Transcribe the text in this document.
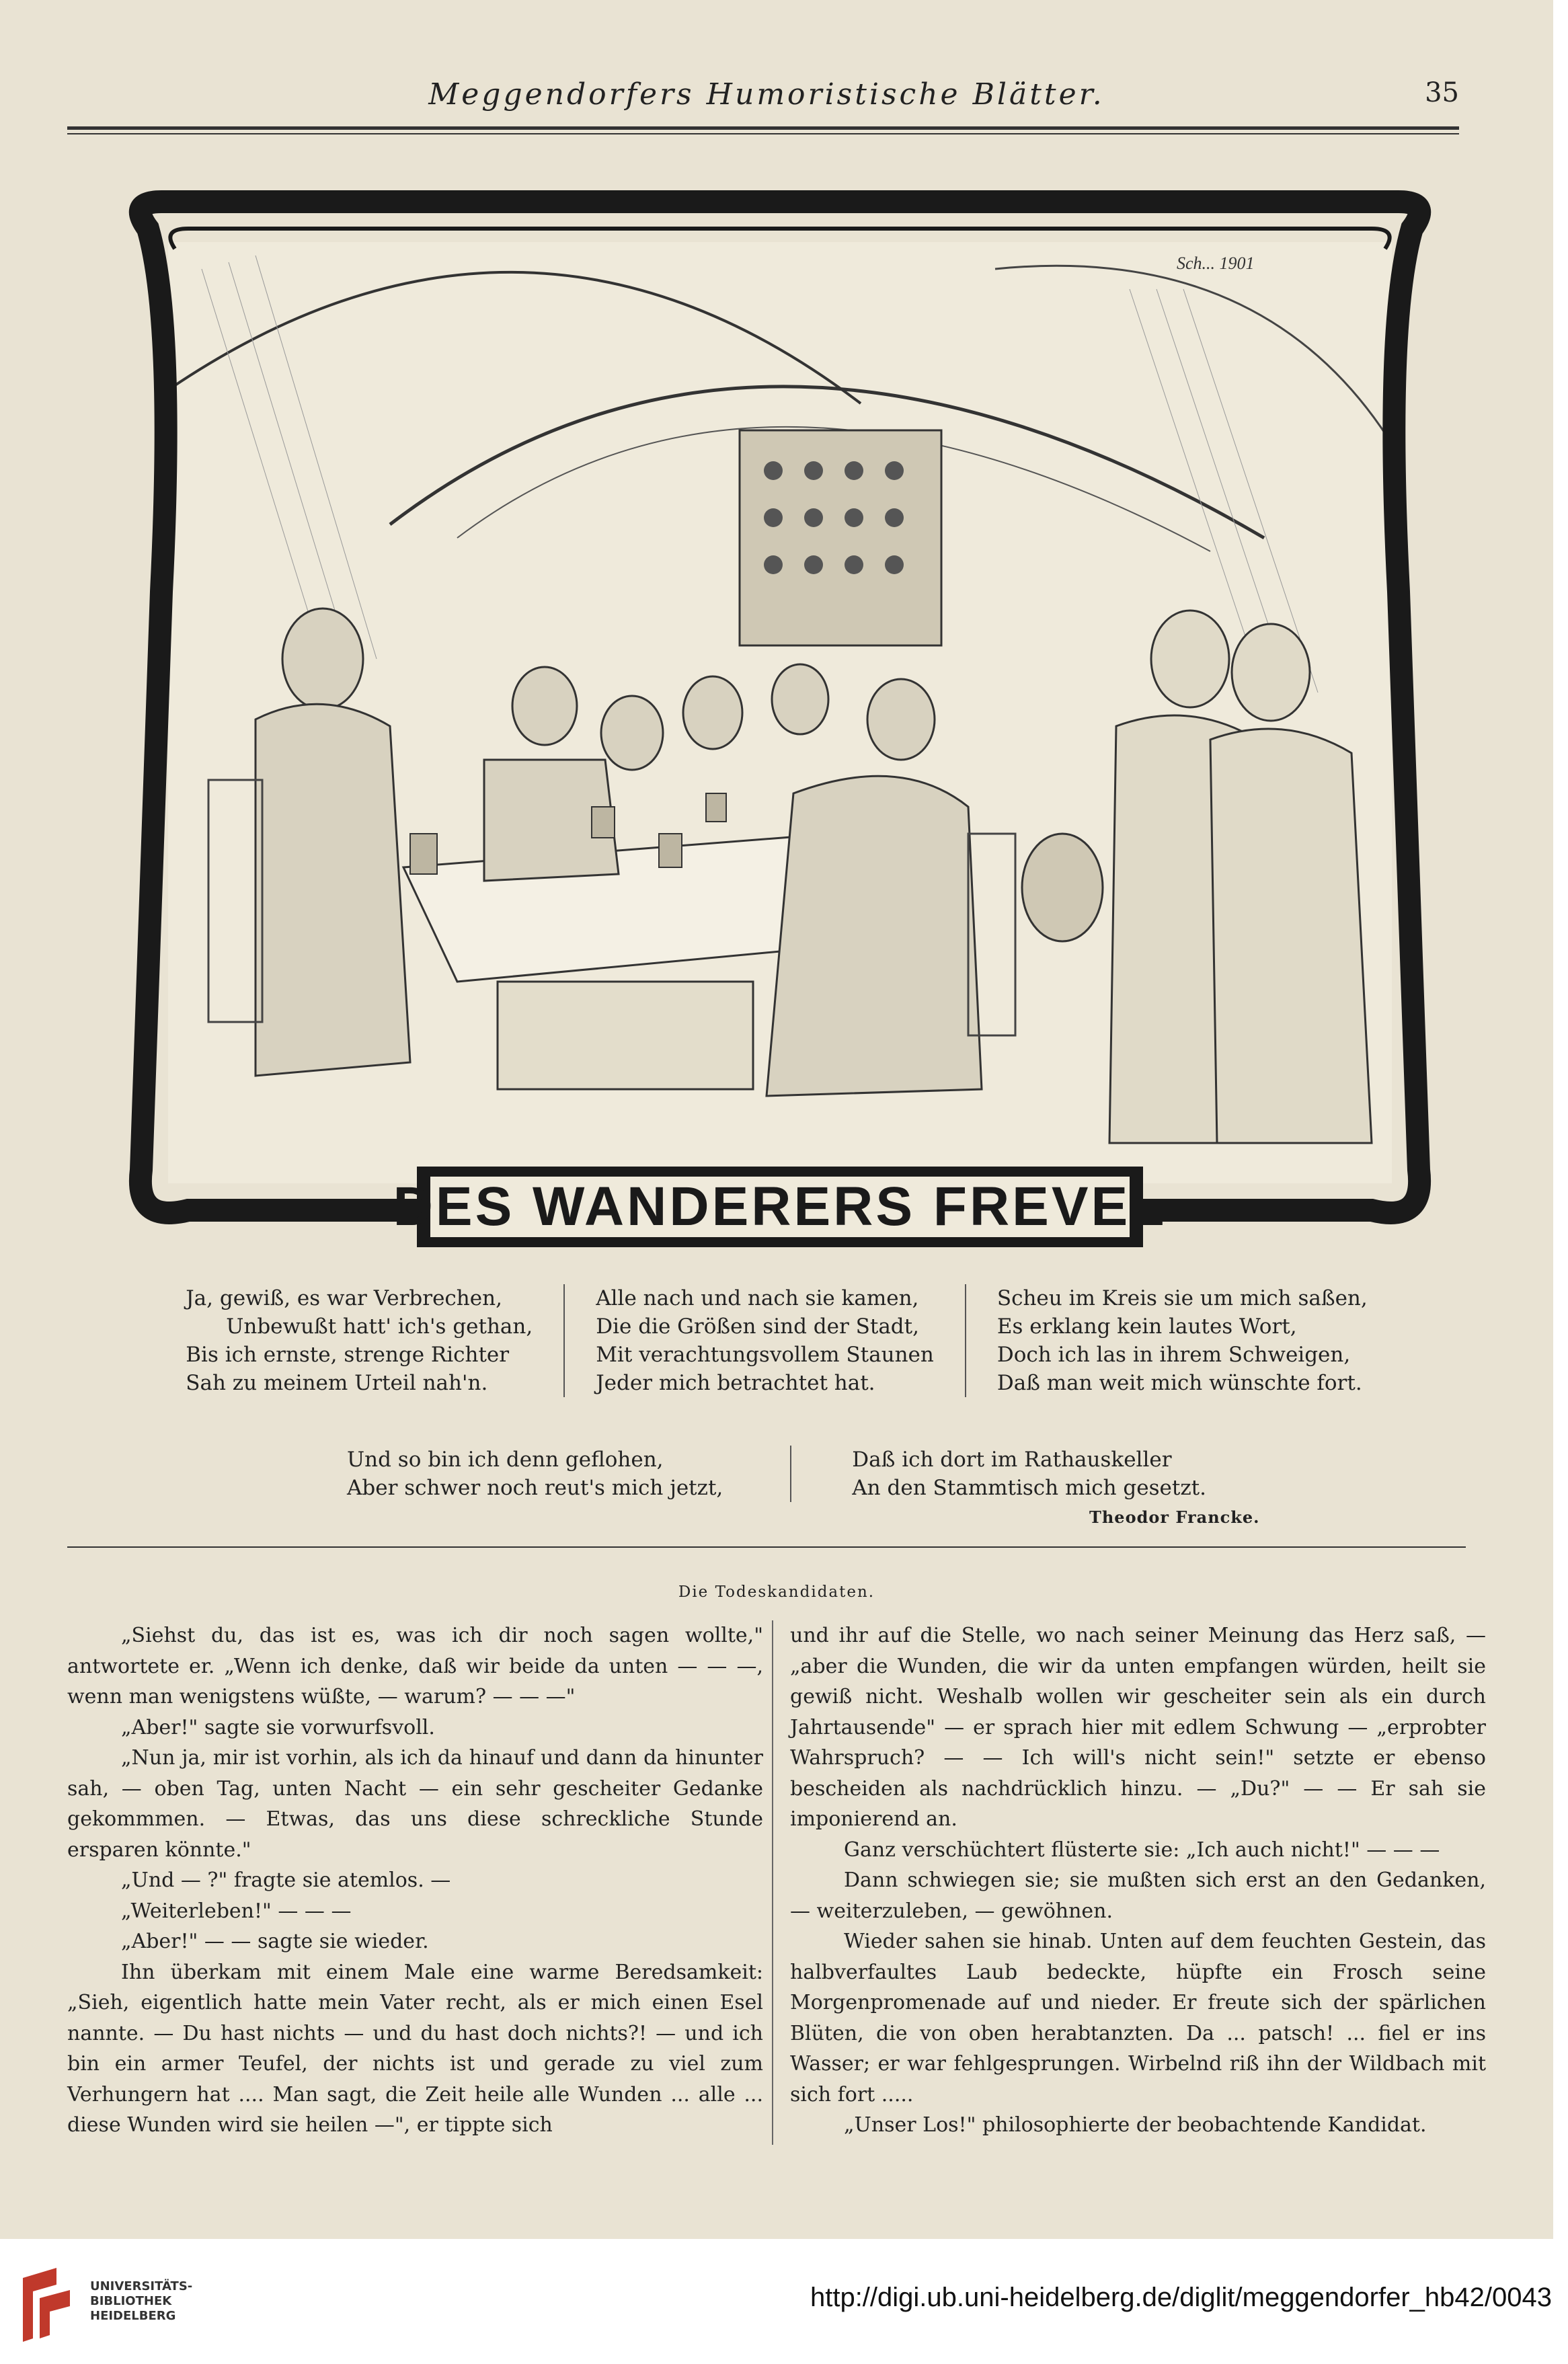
Meggendorfers Humoristische Blätter.	35
DES WANDERERS FREVEL
Sch... 1901
Ja, gewiß, es war Verbrechen,
Unbewußt hatt' ich's gethan,
Bis ich ernste, strenge Richter
Sah zu meinem Urteil nah'n.
Alle nach und nach sie kamen,
Die die Größen sind der Stadt,
Mit verachtungsvollem Staunen
Jeder mich betrachtet hat.
Scheu im Kreis sie um mich saßen,
Es erklang kein lautes Wort,
Doch ich las in ihrem Schweigen,
Daß man weit mich wünschte fort.
Und so bin ich denn geflohen,
Aber schwer noch reut's mich jetzt,
Daß ich dort im Rathauskeller
An den Stammtisch mich gesetzt.
Theodor Francke.
Die Todeskandidaten.

„Siehst du, das ist es, was ich dir noch sagen wollte," antwortete er. „Wenn ich denke, daß wir beide da unten — — —, wenn man wenigstens wüßte, — warum? — — —"

„Aber!" sagte sie vorwurfsvoll.

„Nun ja, mir ist vorhin, als ich da hinauf und dann da hinunter sah, — oben Tag, unten Nacht — ein sehr gescheiter Gedanke gekommmen. — Etwas, das uns diese schreckliche Stunde ersparen könnte."

„Und — ?" fragte sie atemlos. —

„Weiterleben!" — — —

„Aber!" — — sagte sie wieder.

Ihn überkam mit einem Male eine warme Beredsamkeit: „Sieh, eigentlich hatte mein Vater recht, als er mich einen Esel nannte. — Du hast nichts — und du hast doch nichts?! — und ich bin ein armer Teufel, der nichts ist und gerade zu viel zum Verhungern hat .... Man sagt, die Zeit heile alle Wunden ... alle ... diese Wunden wird sie heilen —", er tippte sich

und ihr auf die Stelle, wo nach seiner Meinung das Herz saß, — „aber die Wunden, die wir da unten empfangen würden, heilt sie gewiß nicht. Weshalb wollen wir gescheiter sein als ein durch Jahrtausende" — er sprach hier mit edlem Schwung — „erprobter Wahrspruch? — — Ich will's nicht sein!" setzte er ebenso bescheiden als nachdrücklich hinzu. — „Du?" — — Er sah sie imponierend an.

Ganz verschüchtert flüsterte sie: „Ich auch nicht!" — — —

Dann schwiegen sie; sie mußten sich erst an den Gedanken, — weiterzuleben, — gewöhnen.

Wieder sahen sie hinab. Unten auf dem feuchten Gestein, das halbverfaultes Laub bedeckte, hüpfte ein Frosch seine Morgenpromenade auf und nieder. Er freute sich der spärlichen Blüten, die von oben herabtanzten. Da ... patsch! ... fiel er ins Wasser; er war fehlgesprungen. Wirbelnd riß ihn der Wildbach mit sich fort .....

„Unser Los!" philosophierte der beobachtende Kandidat.

UNIVERSITÄTS-
BIBLIOTHEK
HEIDELBERG
http://digi.ub.uni-heidelberg.de/diglit/meggendorfer_hb42/0043
